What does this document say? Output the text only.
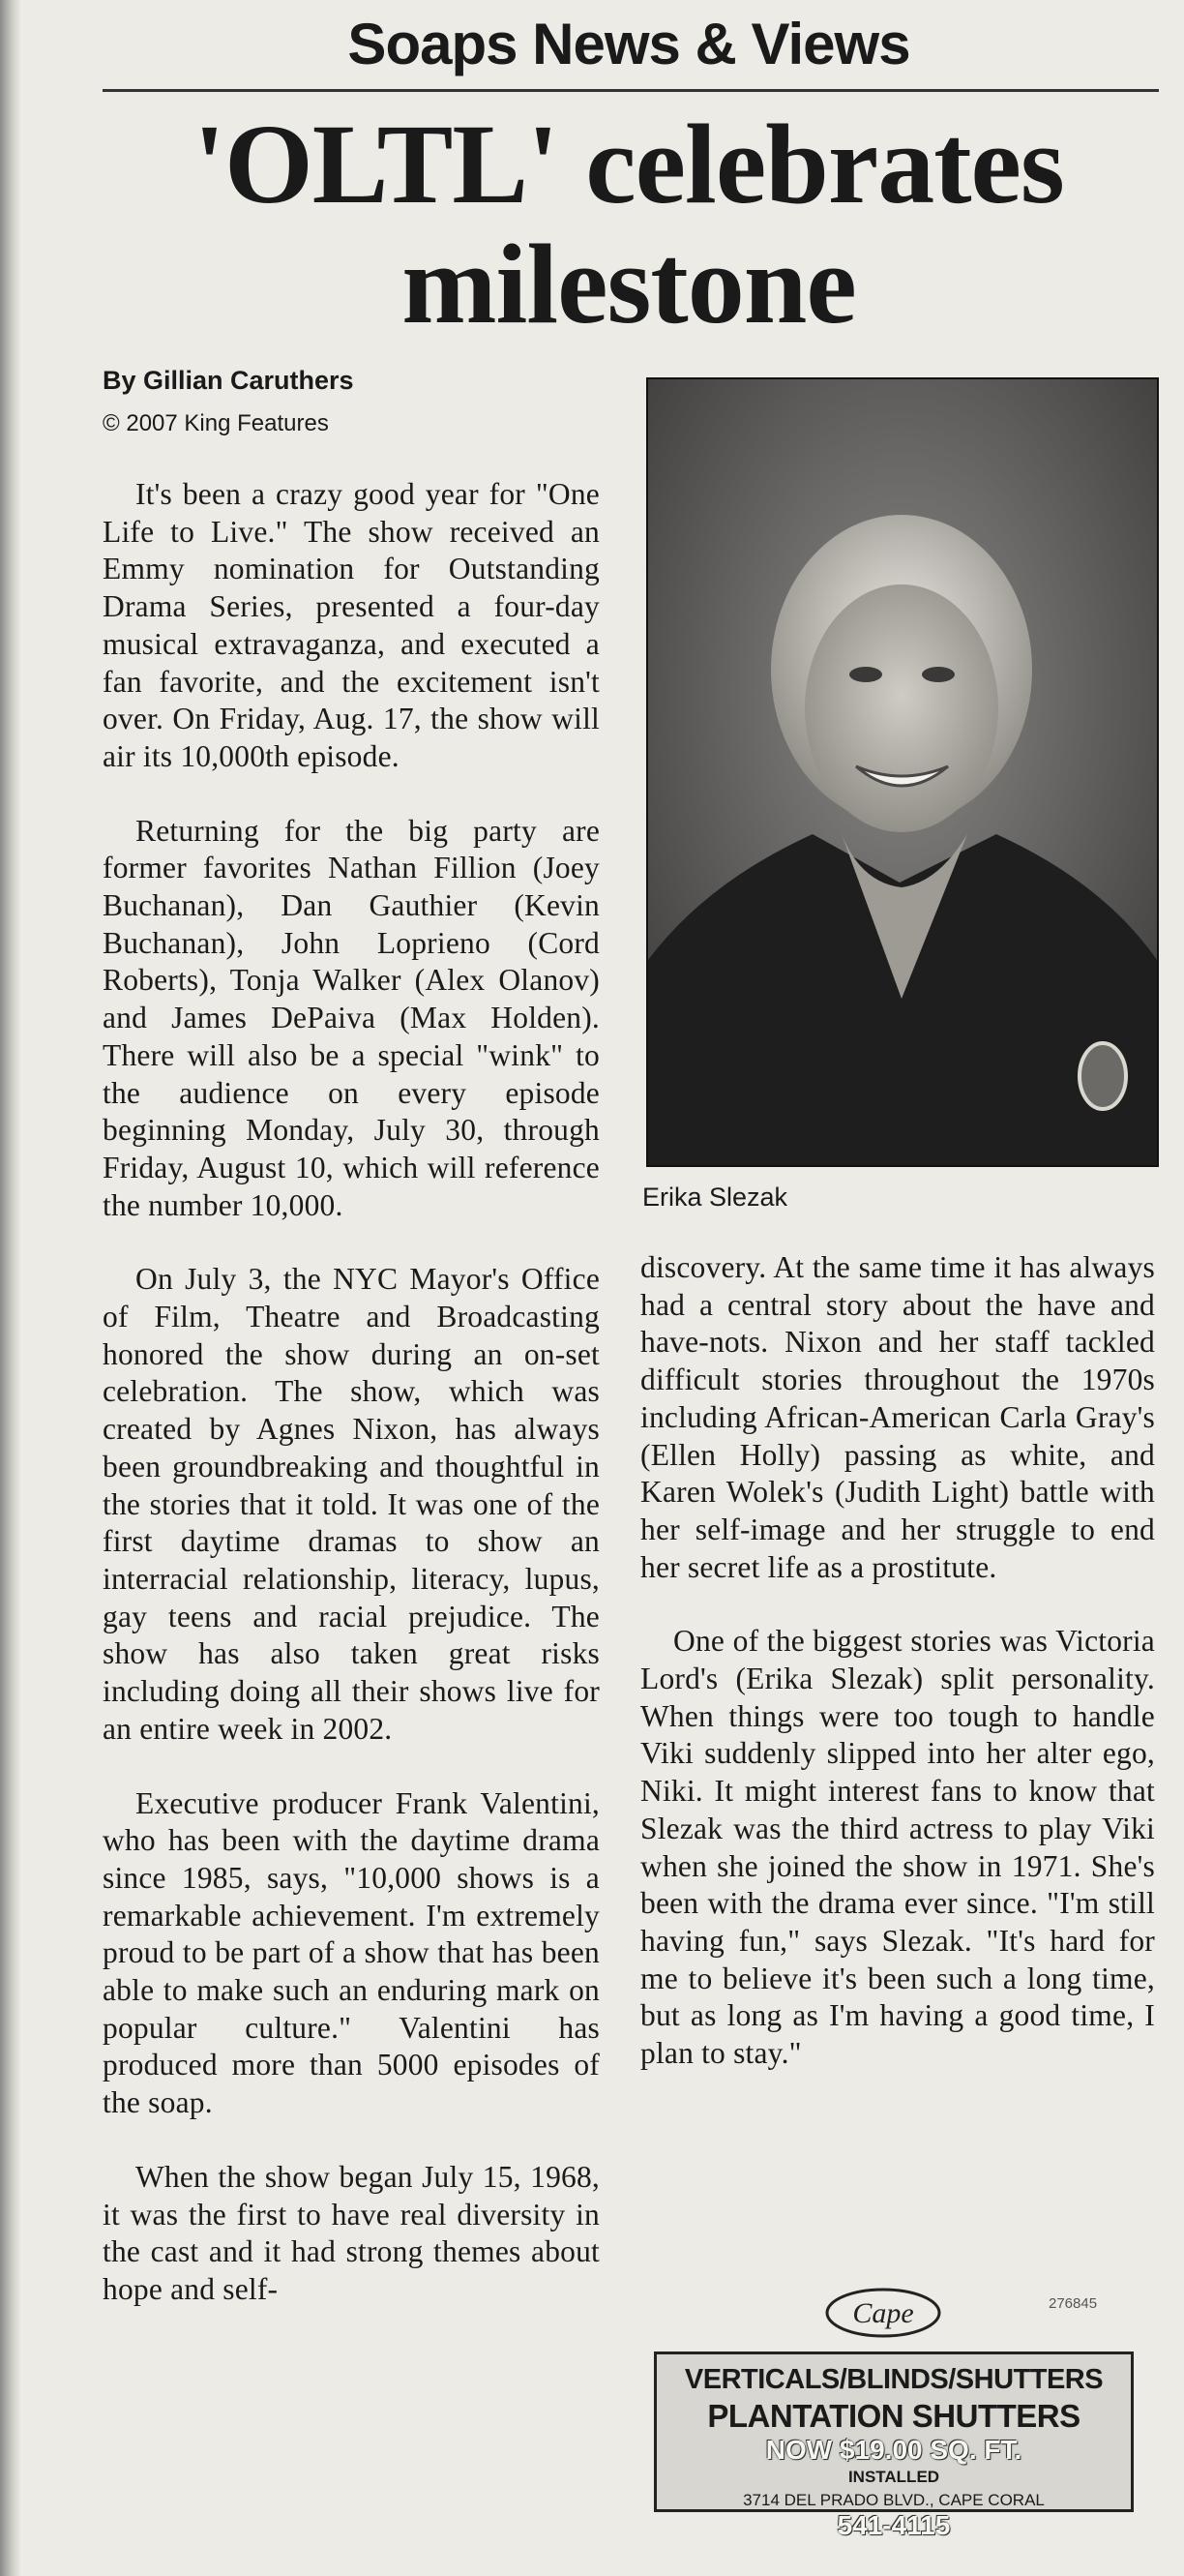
Soaps News & Views
'OLTL' celebrates milestone
By Gillian Caruthers
© 2007 King Features

It's been a crazy good year for "One Life to Live." The show received an Emmy nomination for Outstanding Drama Series, presented a four-day musical extravaganza, and executed a fan favorite, and the excitement isn't over. On Friday, Aug. 17, the show will air its 10,000th episode.

Returning for the big party are former favorites Nathan Fillion (Joey Buchanan), Dan Gauthier (Kevin Buchanan), John Loprieno (Cord Roberts), Tonja Walker (Alex Olanov) and James DePaiva (Max Holden). There will also be a special "wink" to the audience on every episode beginning Monday, July 30, through Friday, August 10, which will reference the number 10,000.

On July 3, the NYC Mayor's Office of Film, Theatre and Broadcasting honored the show during an on-set celebration. The show, which was created by Agnes Nixon, has always been groundbreaking and thoughtful in the stories that it told. It was one of the first daytime dramas to show an interracial relationship, literacy, lupus, gay teens and racial prejudice. The show has also taken great risks including doing all their shows live for an entire week in 2002.

Executive producer Frank Valentini, who has been with the daytime drama since 1985, says, "10,000 shows is a remarkable achievement. I'm extremely proud to be part of a show that has been able to make such an enduring mark on popular culture." Valentini has produced more than 5000 episodes of the soap.

When the show began July 15, 1968, it was the first to have real diversity in the cast and it had strong themes about hope and self-

Erika Slezak

discovery. At the same time it has always had a central story about the have and have-nots. Nixon and her staff tackled difficult stories throughout the 1970s including African-American Carla Gray's (Ellen Holly) passing as white, and Karen Wolek's (Judith Light) battle with her self-image and her struggle to end her secret life as a prostitute.

One of the biggest stories was Victoria Lord's (Erika Slezak) split personality. When things were too tough to handle Viki suddenly slipped into her alter ego, Niki. It might interest fans to know that Slezak was the third actress to play Viki when she joined the show in 1971. She's been with the drama ever since. "I'm still having fun," says Slezak. "It's hard for me to believe it's been such a long time, but as long as I'm having a good time, I plan to stay."

Cape	276845
VERTICALS/BLINDS/SHUTTERS
PLANTATION SHUTTERS
NOW $19.00 SQ. FT.
INSTALLED
3714 DEL PRADO BLVD., CAPE CORAL
541-4115
